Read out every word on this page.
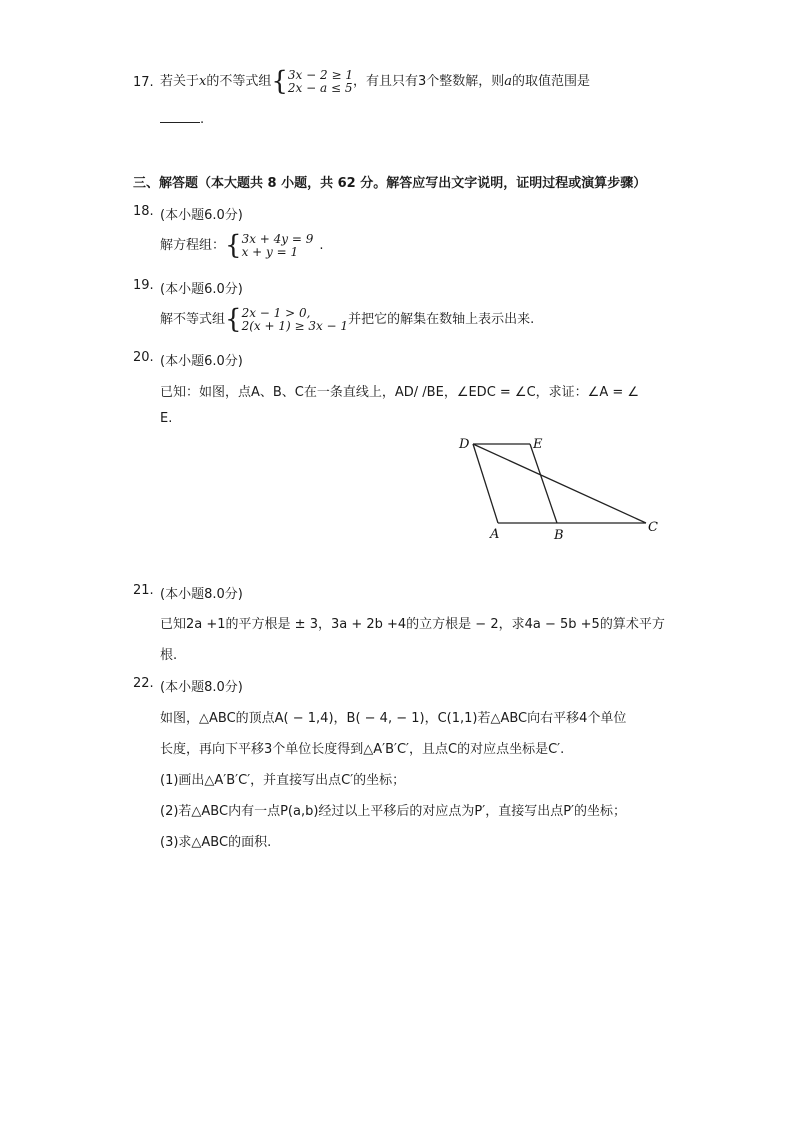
17. 若关于x的不等式组{3x − 2 ≥ 1
2x − a ≤ 5，有且只有3个整数解，则a的取值范围是
.
三、解答题（本大题共 8 小题，共 62 分。解答应写出文字说明，证明过程或演算步骤）
18. (本小题6.0分)
解方程组：{3x + 4y = 9
x + y = 1 .
19. (本小题6.0分)
解不等式组{2x − 1 > 0,
2(x + 1) ≥ 3x − 1并把它的解集在数轴上表示出来.
20. (本小题6.0分)
已知：如图，点A、B、C在一条直线上，AD/ /BE，∠EDC = ∠C，求证：∠A = ∠
E.
D	E
A	B
C
21. (本小题8.0分)
已知2a +1的平方根是 ± 3，3a + 2b +4的立方根是 − 2，求4a − 5b +5的算术平方
根.
22. (本小题8.0分)
如图，△ABC的顶点A( − 1,4)，B( − 4, − 1)，C(1,1)若△ABC向右平移4个单位
长度，再向下平移3个单位长度得到△A′B′C′，且点C的对应点坐标是C′.
(1)画出△A′B′C′，并直接写出点C′的坐标；
(2)若△ABC内有一点P(a,b)经过以上平移后的对应点为P′，直接写出点P′的坐标；
(3)求△ABC的面积.
